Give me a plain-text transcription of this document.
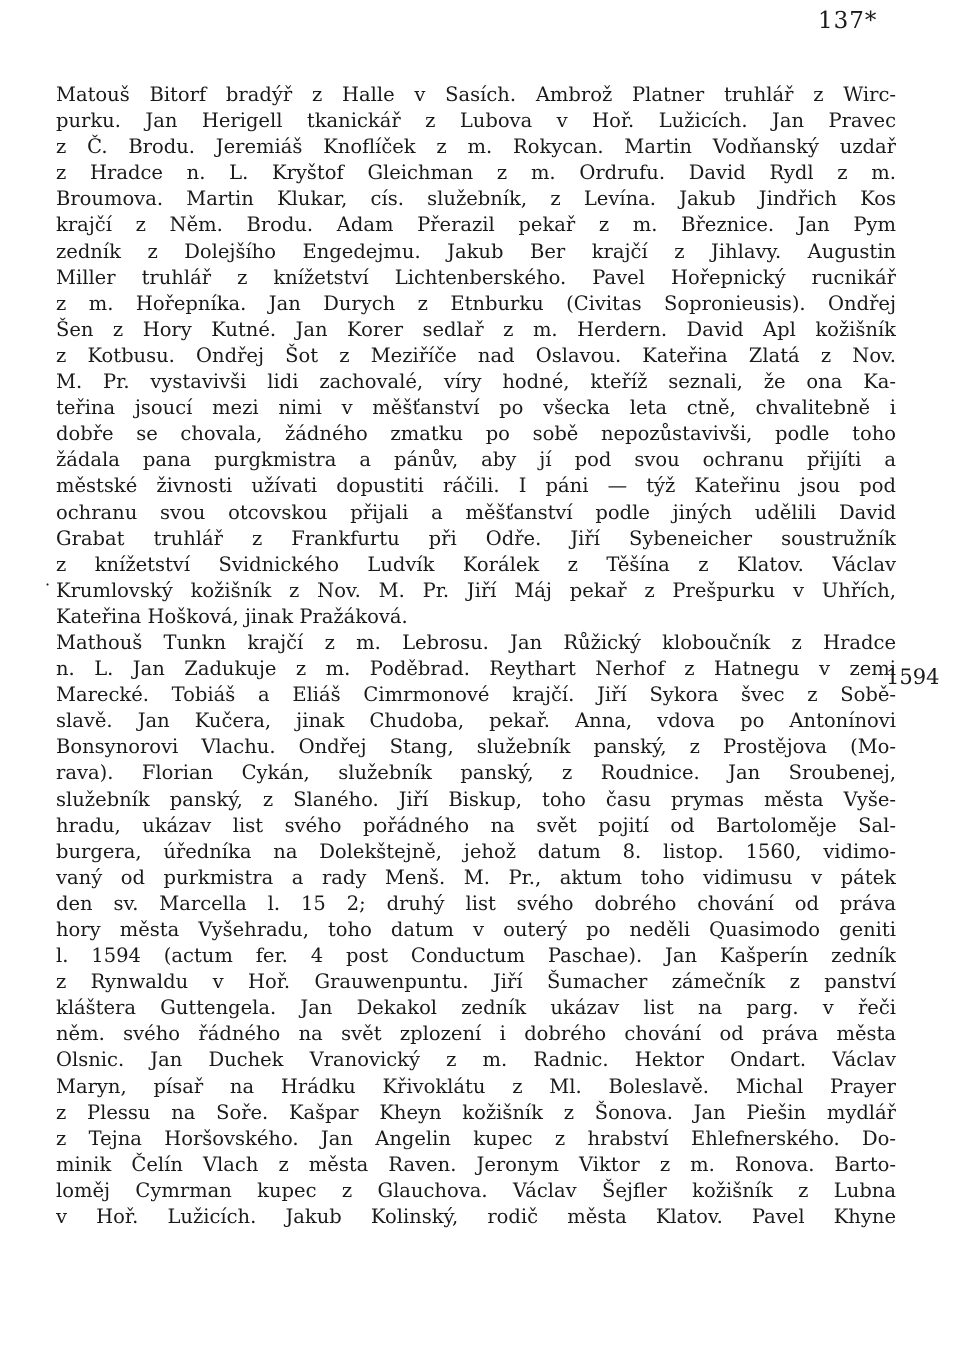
137*
·
1594
Matouš Bitorf bradýř z Halle v Sasích. Ambrož Platner truhlář z Wirc-
purku. Jan Herigell tkanickář z Lubova v Hoř. Lužicích. Jan Pravec
z Č. Brodu. Jeremiáš Knoflíček z m. Rokycan. Martin Vodňanský uzdař
z Hradce n. L. Kryštof Gleichman z m. Ordrufu. David Rydl z m.
Broumova. Martin Klukar, cís. služebník, z Levína. Jakub Jindřich Kos
krajčí z Něm. Brodu. Adam Přerazil pekař z m. Březnice. Jan Pym
zedník z Dolejšího Engedejmu. Jakub Ber krajčí z Jihlavy. Augustin
Miller truhlář z knížetství Lichtenberského. Pavel Hořepnický rucnikář
z m. Hořepníka. Jan Durych z Etnburku (Civitas Sopronieusis). Ondřej
Šen z Hory Kutné. Jan Korer sedlař z m. Herdern. David Apl kožišník
z Kotbusu. Ondřej Šot z Meziříče nad Oslavou. Kateřina Zlatá z Nov.
M. Pr. vystavivši lidi zachovalé, víry hodné, kteříž seznali, že ona Ka-
teřina jsoucí mezi nimi v měšťanství po všecka leta ctně, chvalitebně i
dobře se chovala, žádného zmatku po sobě nepozůstavivši, podle toho
žádala pana purgkmistra a pánův, aby jí pod svou ochranu přijíti a
městské živnosti užívati dopustiti ráčili. I páni — týž Kateřinu jsou pod
ochranu svou otcovskou přijali a měšťanství podle jiných udělili David
Grabat truhlář z Frankfurtu při Odře. Jiří Sybeneicher soustružník
z knížetství Svidnického Ludvík Korálek z Těšína z Klatov. Václav
Krumlovský kožišník z Nov. M. Pr. Jiří Máj pekař z Prešpurku v Uhřích,
Kateřina Hošková, jinak Pražáková.
Mathouš Tunkn krajčí z m. Lebrosu. Jan Růžický kloboučník z Hradce
n. L. Jan Zadukuje z m. Poděbrad. Reythart Nerhof z Hatnegu v zemi
Marecké. Tobiáš a Eliáš Cimrmonové krajčí. Jiří Sykora švec z Sobě-
slavě. Jan Kučera, jinak Chudoba, pekař. Anna, vdova po Antonínovi
Bonsynorovi Vlachu. Ondřej Stang, služebník panský, z Prostějova (Mo-
rava). Florian Cykán, služebník panský, z Roudnice. Jan Sroubenej,
služebník panský, z Slaného. Jiří Biskup, toho času prymas města Vyše-
hradu, ukázav list svého pořádného na svět pojití od Bartoloměje Sal-
burgera, úředníka na Dolekštejně, jehož datum 8. listop. 1560, vidimo-
vaný od purkmistra a rady Menš. M. Pr., aktum toho vidimusu v pátek
den sv. Marcella l. 15 2; druhý list svého dobrého chování od práva
hory města Vyšehradu, toho datum v outerý po neděli Quasimodo geniti
l. 1594 (actum fer. 4 post Conductum Paschae). Jan Kašperín zedník
z Rynwaldu v Hoř. Grauwenpuntu. Jiří Šumacher zámečník z panství
kláštera Guttengela. Jan Dekakol zedník ukázav list na parg. v řeči
něm. svého řádného na svět zplození i dobrého chování od práva města
Olsnic. Jan Duchek Vranovický z m. Radnic. Hektor Ondart. Václav
Maryn, písař na Hrádku Křivoklátu z Ml. Boleslavě. Michal Prayer
z Plessu na Soře. Kašpar Kheyn kožišník z Šonova. Jan Piešin mydlář
z Tejna Horšovského. Jan Angelin kupec z hrabství Ehlefnerského. Do-
minik Čelín Vlach z města Raven. Jeronym Viktor z m. Ronova. Barto-
loměj Cymrman kupec z Glauchova. Václav Šejfler kožišník z Lubna
v Hoř. Lužicích. Jakub Kolinský, rodič města Klatov. Pavel Khyne
